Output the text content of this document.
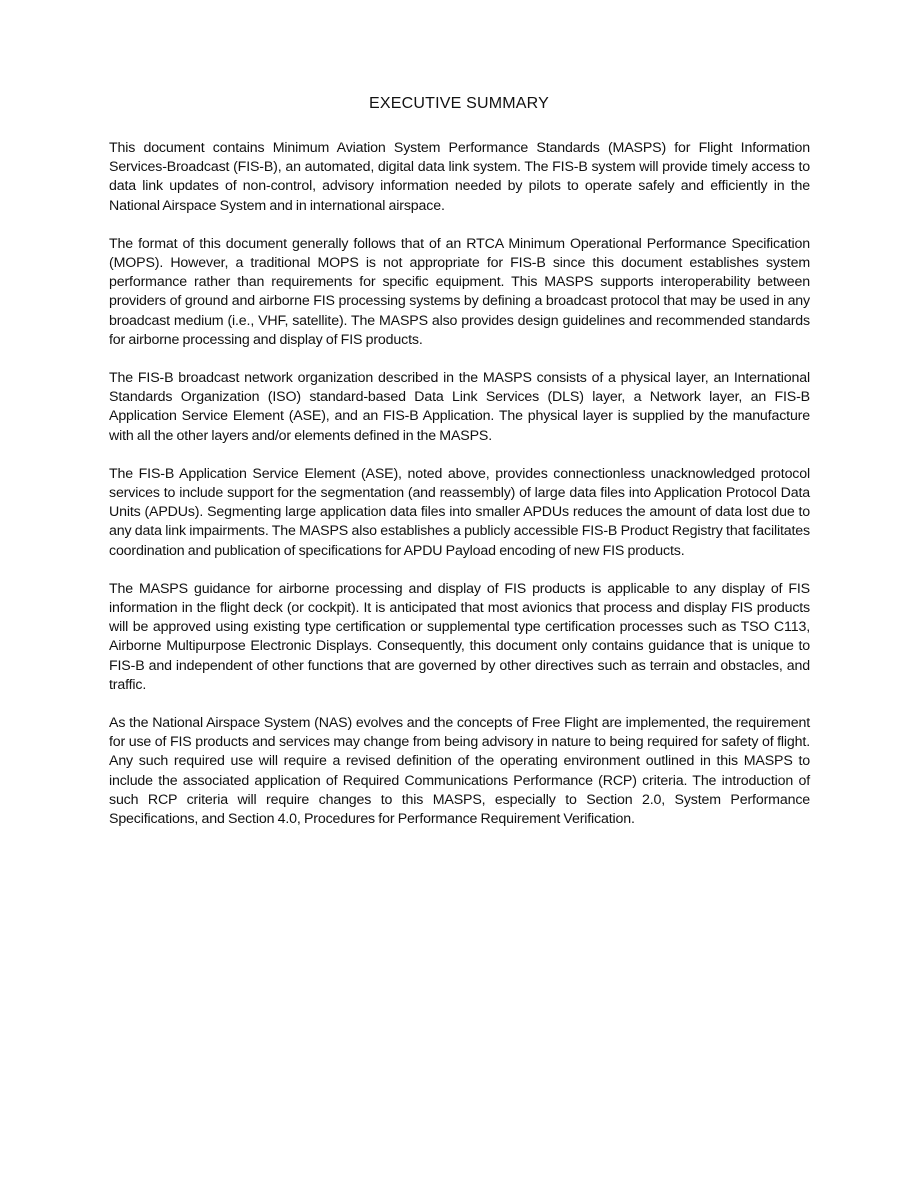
EXECUTIVE SUMMARY

This document contains Minimum Aviation System Performance Standards (MASPS) for Flight Information Services-Broadcast (FIS-B), an automated, digital data link system. The FIS-B system will provide timely access to data link updates of non-control, advisory information needed by pilots to operate safely and efficiently in the National Airspace System and in international airspace.

The format of this document generally follows that of an RTCA Minimum Operational Performance Specification (MOPS). However, a traditional MOPS is not appropriate for FIS-B since this document establishes system performance rather than requirements for specific equipment. This MASPS supports interoperability between providers of ground and airborne FIS processing systems by defining a broadcast protocol that may be used in any broadcast medium (i.e., VHF, satellite). The MASPS also provides design guidelines and recommended standards for airborne processing and display of FIS products.

The FIS-B broadcast network organization described in the MASPS consists of a physical layer, an International Standards Organization (ISO) standard-based Data Link Services (DLS) layer, a Network layer, an FIS-B Application Service Element (ASE), and an FIS-B Application. The physical layer is supplied by the manufacture with all the other layers and/or elements defined in the MASPS.

The FIS-B Application Service Element (ASE), noted above, provides connectionless unacknowledged protocol services to include support for the segmentation (and reassembly) of large data files into Application Protocol Data Units (APDUs). Segmenting large application data files into smaller APDUs reduces the amount of data lost due to any data link impairments. The MASPS also establishes a publicly accessible FIS-B Product Registry that facilitates coordination and publication of specifications for APDU Payload encoding of new FIS products.

The MASPS guidance for airborne processing and display of FIS products is applicable to any display of FIS information in the flight deck (or cockpit). It is anticipated that most avionics that process and display FIS products will be approved using existing type certification or supplemental type certification processes such as TSO C113, Airborne Multipurpose Electronic Displays. Consequently, this document only contains guidance that is unique to FIS-B and independent of other functions that are governed by other directives such as terrain and obstacles, and traffic.

As the National Airspace System (NAS) evolves and the concepts of Free Flight are implemented, the requirement for use of FIS products and services may change from being advisory in nature to being required for safety of flight. Any such required use will require a revised definition of the operating environment outlined in this MASPS to include the associated application of Required Communications Performance (RCP) criteria. The introduction of such RCP criteria will require changes to this MASPS, especially to Section 2.0, System Performance Specifications, and Section 4.0, Procedures for Performance Requirement Verification.
